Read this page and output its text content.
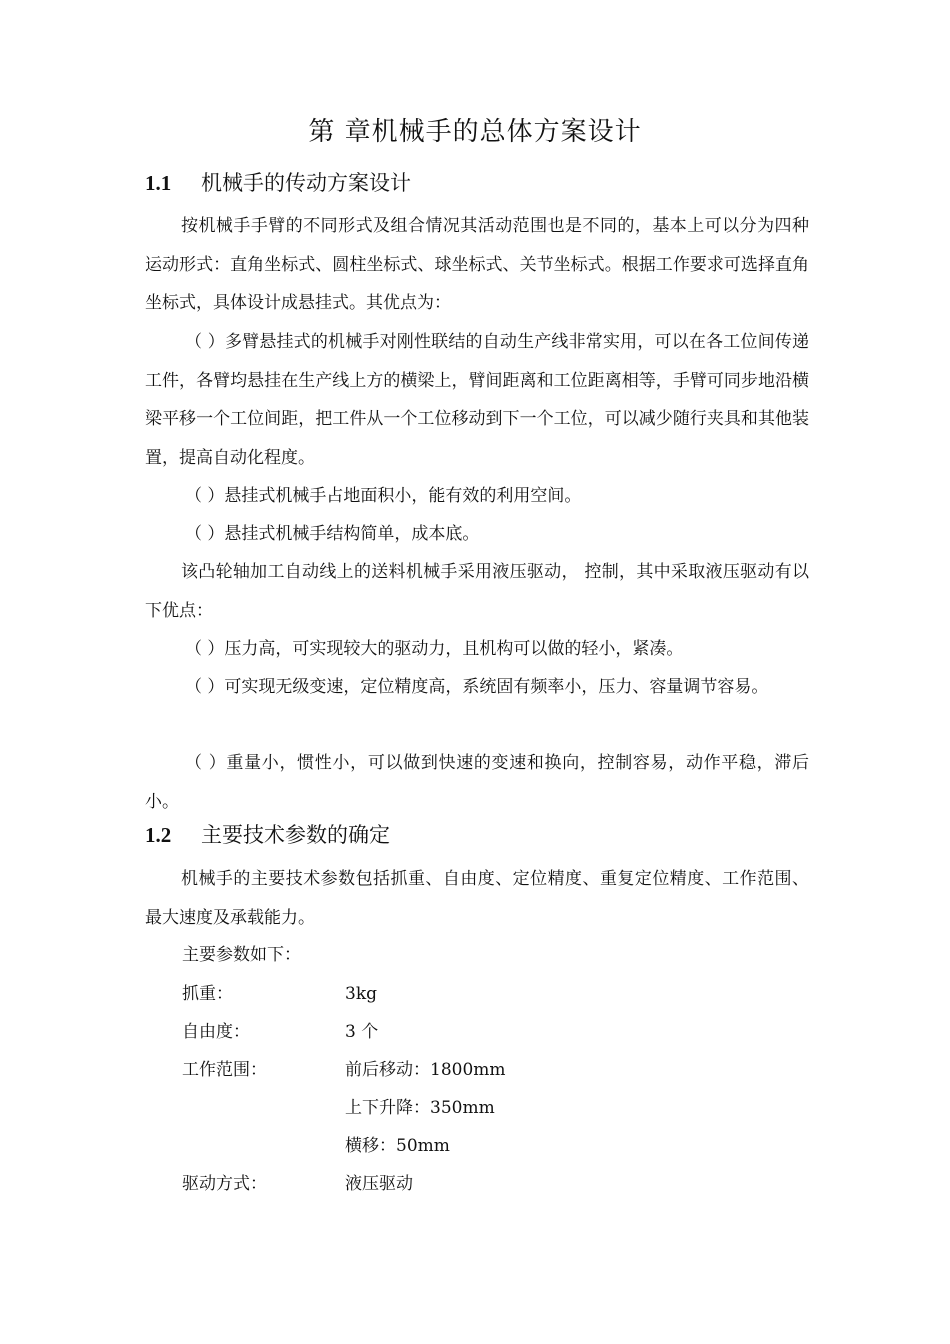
第 章机械手的总体方案设计
1.1 机械手的传动方案设计

按机械手手臂的不同形式及组合情况其活动范围也是不同的，基本上可以分为四种运动形式：直角坐标式、圆柱坐标式、球坐标式、关节坐标式。根据工作要求可选择直角坐标式，具体设计成悬挂式。其优点为：

（ ）多臂悬挂式的机械手对刚性联结的自动生产线非常实用，可以在各工位间传递工件，各臂均悬挂在生产线上方的横梁上，臂间距离和工位距离相等，手臂可同步地沿横梁平移一个工位间距，把工件从一个工位移动到下一个工位，可以减少随行夹具和其他装置，提高自动化程度。

（ ）悬挂式机械手占地面积小，能有效的利用空间。

（ ）悬挂式机械手结构简单，成本底。

该凸轮轴加工自动线上的送料机械手采用液压驱动， 控制，其中采取液压驱动有以下优点：

（ ）压力高，可实现较大的驱动力，且机构可以做的轻小，紧凑。

（ ）可实现无级变速，定位精度高，系统固有频率小，压力、容量调节容易。

（ ）重量小，惯性小，可以做到快速的变速和换向，控制容易，动作平稳，滞后小。

1.2 主要技术参数的确定

机械手的主要技术参数包括抓重、自由度、定位精度、重复定位精度、工作范围、最大速度及承载能力。

主要参数如下：

抓重：	3kg
自由度：	3 个
工作范围：	前后移动：1800mm
上下升降：350mm
横移：50mm
驱动方式：	液压驱动
